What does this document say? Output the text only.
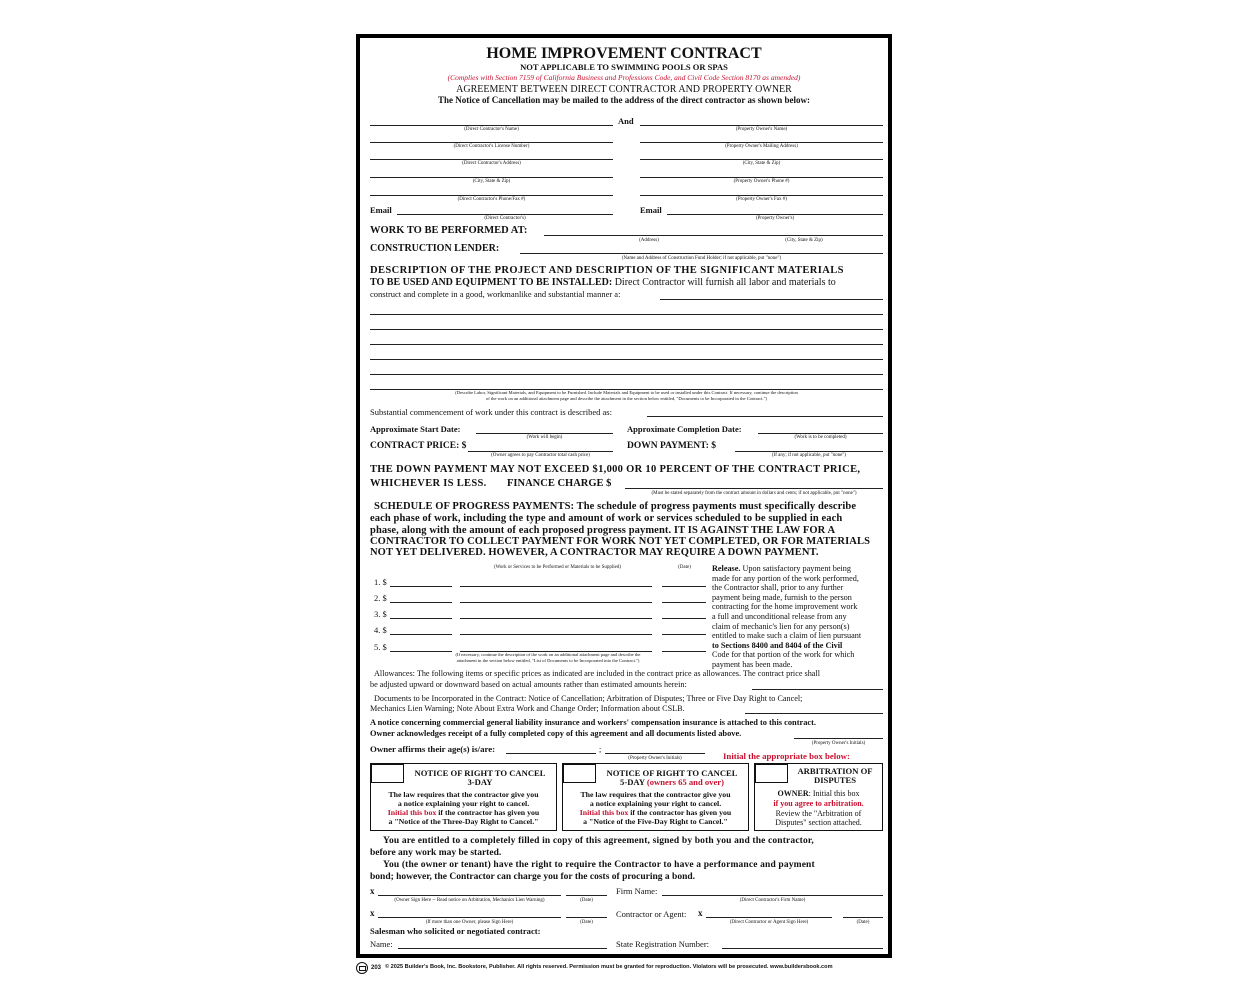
HOME IMPROVEMENT CONTRACT
NOT APPLICABLE TO SWIMMING POOLS OR SPAS
(Complies with Section 7159 of California Business and Professions Code, and Civil Code Section 8170 as amended)
AGREEMENT BETWEEN DIRECT CONTRACTOR AND PROPERTY OWNER
The Notice of Cancellation may be mailed to the address of the direct contractor as shown below:
And
(Direct Contractor's Name)	(Property Owner's Name)
(Direct Contractor's License Number)	(Property Owner's Mailing Address)
(Direct Contractor's Address)	(City, State & Zip)
(City, State & Zip)	(Property Owner's Phone #)
(Direct Contractor's Phone/Fax #)	(Property Owner's Fax #)
Email
(Direct Contractor's)
Email
(Property Owner's)
WORK TO BE PERFORMED AT:
(Address)	(City, State & Zip)
CONSTRUCTION LENDER:
(Name and Address of Construction Fund Holder; if not applicable, put "none")
DESCRIPTION OF THE PROJECT AND DESCRIPTION OF THE SIGNIFICANT MATERIALS
TO BE USED AND EQUIPMENT TO BE INSTALLED: Direct Contractor will furnish all labor and materials to
construct and complete in a good, workmanlike and substantial manner a:
(Describe Labor, Significant Materials, and Equipment to be Furnished. Include Materials and Equipment to be used or installed under this Contract. If necessary, continue the description
of the work on an additional attachment page and describe the attachment in the section below entitled, "Documents to be Incorporated in the Contract.")
Substantial commencement of work under this contract is described as:
Approximate Start Date:
(Work will begin)
Approximate Completion Date:
(Work is to be completed)
CONTRACT PRICE: $
(Owner agrees to pay Contractor total cash price)
DOWN PAYMENT: $
(If any; if not applicable, put "none")
THE DOWN PAYMENT MAY NOT EXCEED $1,000 OR 10 PERCENT OF THE CONTRACT PRICE,
WHICHEVER IS LESS. FINANCE CHARGE $
(Must be stated separately from the contract amount in dollars and cents; if not applicable, put "none")
SCHEDULE OF PROGRESS PAYMENTS: The schedule of progress payments must specifically describe
each phase of work, including the type and amount of work or services scheduled to be supplied in each
phase, along with the amount of each proposed progress payment. IT IS AGAINST THE LAW FOR A
CONTRACTOR TO COLLECT PAYMENT FOR WORK NOT YET COMPLETED, OR FOR MATERIALS
NOT YET DELIVERED. HOWEVER, A CONTRACTOR MAY REQUIRE A DOWN PAYMENT.
(Work or Services to be Performed or Materials to be Supplied)	(Date)
1. $
2. $
3. $
4. $
5. $
(If necessary, continue the description of the work on an additional attachment page and describe the
attachment in the section below entitled, "List of Documents to be Incorporated into the Contract.")
Release. Upon satisfactory payment being
made for any portion of the work performed,
the Contractor shall, prior to any further
payment being made, furnish to the person
contracting for the home improvement work
a full and unconditional release from any
claim of mechanic's lien for any person(s)
entitled to make such a claim of lien pursuant
to Sections 8400 and 8404 of the Civil
Code for that portion of the work for which
payment has been made.
Allowances: The following items or specific prices as indicated are included in the contract price as allowances. The contract price shall
be adjusted upward or downward based on actual amounts rather than estimated amounts herein:
Documents to be Incorporated in the Contract: Notice of Cancellation; Arbitration of Disputes; Three or Five Day Right to Cancel;
Mechanics Lien Warning; Note About Extra Work and Change Order; Information about CSLB.
A notice concerning commercial general liability insurance and workers' compensation insurance is attached to this contract.
Owner acknowledges receipt of a fully completed copy of this agreement and all documents listed above.
(Property Owner's Initials)
Owner affirms their age(s) is/are:	;
(Property Owner's Initials)	Initial the appropriate box below:
NOTICE OF RIGHT TO CANCEL
3-DAY
The law requires that the contractor give you
a notice explaining your right to cancel.
Initial this box if the contractor has given you
a "Notice of the Three-Day Right to Cancel."
NOTICE OF RIGHT TO CANCEL
5-DAY (owners 65 and over)
The law requires that the contractor give you
a notice explaining your right to cancel.
Initial this box if the contractor has given you
a "Notice of the Five-Day Right to Cancel."
ARBITRATION OF
DISPUTES
OWNER: Initial this box
if you agree to arbitration.
Review the "Arbitration of
Disputes" section attached.
You are entitled to a completely filled in copy of this agreement, signed by both you and the contractor,
before any work may be started.
You (the owner or tenant) have the right to require the Contractor to have a performance and payment
bond; however, the Contractor can charge you for the costs of procuring a bond.
x
(Owner Sign Here -- Read notice on Arbitration, Mechanics Lien Warning)	(Date)
Firm Name:
(Direct Contractor's Firm Name)
x
(If more than one Owner, please Sign Here)	(Date)
Contractor or Agent: x
(Direct Contractor or Agent Sign Here)	(Date)
Salesman who solicited or negotiated contract:
Name:	State Registration Number:
203 © 2025 Builder's Book, Inc. Bookstore, Publisher. All rights reserved. Permission must be granted for reproduction. Violators will be prosecuted. www.buildersbook.com
